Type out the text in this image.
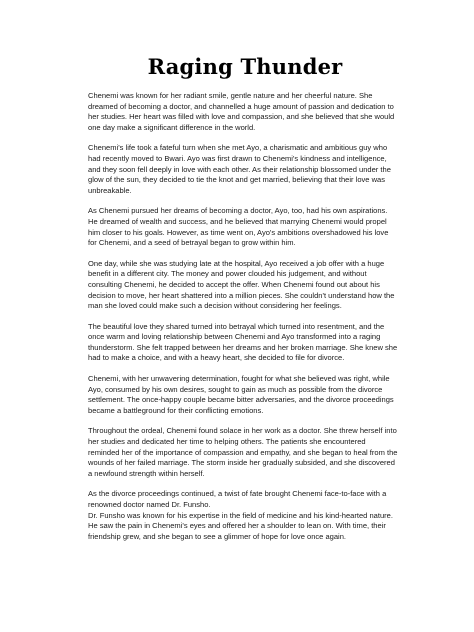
Raging Thunder

Chenemi was known for her radiant smile, gentle nature and her cheerful nature. She
dreamed of becoming a doctor, and channelled a huge amount of passion and dedication to
her studies. Her heart was filled with love and compassion, and she believed that she would
one day make a significant difference in the world.

Chenemi's life took a fateful turn when she met Ayo, a charismatic and ambitious guy who
had recently moved to Bwari. Ayo was first drawn to Chenemi's kindness and intelligence,
and they soon fell deeply in love with each other. As their relationship blossomed under the
glow of the sun, they decided to tie the knot and get married, believing that their love was
unbreakable.

As Chenemi pursued her dreams of becoming a doctor, Ayo, too, had his own aspirations.
He dreamed of wealth and success, and he believed that marrying Chenemi would propel
him closer to his goals. However, as time went on, Ayo's ambitions overshadowed his love
for Chenemi, and a seed of betrayal began to grow within him.

One day, while she was studying late at the hospital, Ayo received a job offer with a huge
benefit in a different city. The money and power clouded his judgement, and without
consulting Chenemi, he decided to accept the offer. When Chenemi found out about his
decision to move, her heart shattered into a million pieces. She couldn't understand how the
man she loved could make such a decision without considering her feelings.

The beautiful love they shared turned into betrayal which turned into resentment, and the
once warm and loving relationship between Chenemi and Ayo transformed into a raging
thunderstorm. She felt trapped between her dreams and her broken marriage. She knew she
had to make a choice, and with a heavy heart, she decided to file for divorce.

Chenemi, with her unwavering determination, fought for what she believed was right, while
Ayo, consumed by his own desires, sought to gain as much as possible from the divorce
settlement. The once-happy couple became bitter adversaries, and the divorce proceedings
became a battleground for their conflicting emotions.

Throughout the ordeal, Chenemi found solace in her work as a doctor. She threw herself into
her studies and dedicated her time to helping others. The patients she encountered
reminded her of the importance of compassion and empathy, and she began to heal from the
wounds of her failed marriage. The storm inside her gradually subsided, and she discovered
a newfound strength within herself.

As the divorce proceedings continued, a twist of fate brought Chenemi face-to-face with a
renowned doctor named Dr. Funsho.
Dr. Funsho was known for his expertise in the field of medicine and his kind-hearted nature.
He saw the pain in Chenemi's eyes and offered her a shoulder to lean on. With time, their
friendship grew, and she began to see a glimmer of hope for love once again.
